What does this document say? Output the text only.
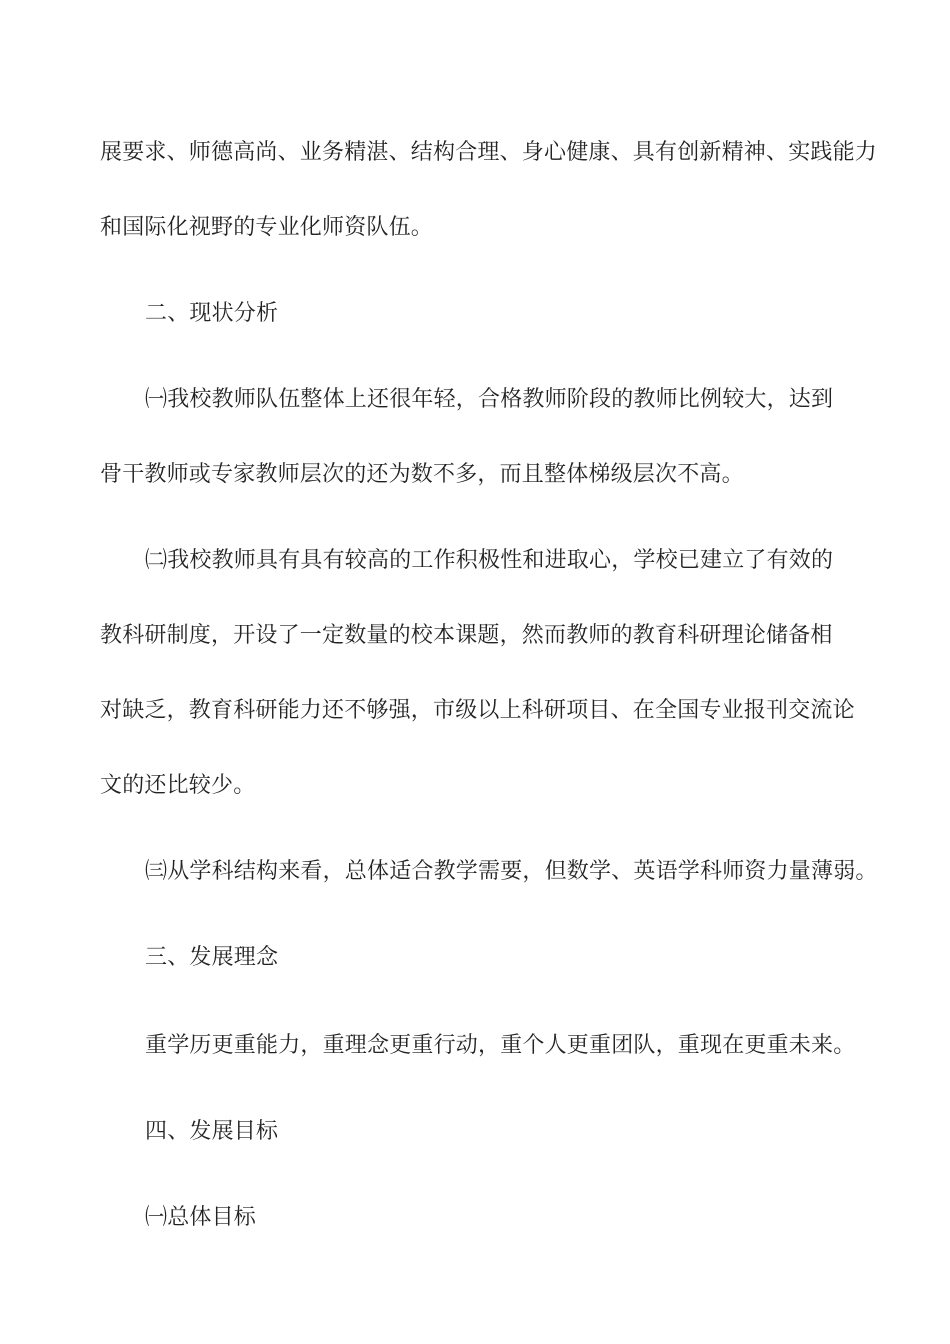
展要求、师德高尚、业务精湛、结构合理、身心健康、具有创新精神、实践能力
和国际化视野的专业化师资队伍。
二、现状分析
㈠我校教师队伍整体上还很年轻，合格教师阶段的教师比例较大，达到
骨干教师或专家教师层次的还为数不多，而且整体梯级层次不高。
㈡我校教师具有具有较高的工作积极性和进取心，学校已建立了有效的
教科研制度，开设了一定数量的校本课题，然而教师的教育科研理论储备相
对缺乏，教育科研能力还不够强，市级以上科研项目、在全国专业报刊交流论
文的还比较少。
㈢从学科结构来看，总体适合教学需要，但数学、英语学科师资力量薄弱。
三、发展理念
重学历更重能力，重理念更重行动，重个人更重团队，重现在更重未来。
四、发展目标
㈠总体目标
